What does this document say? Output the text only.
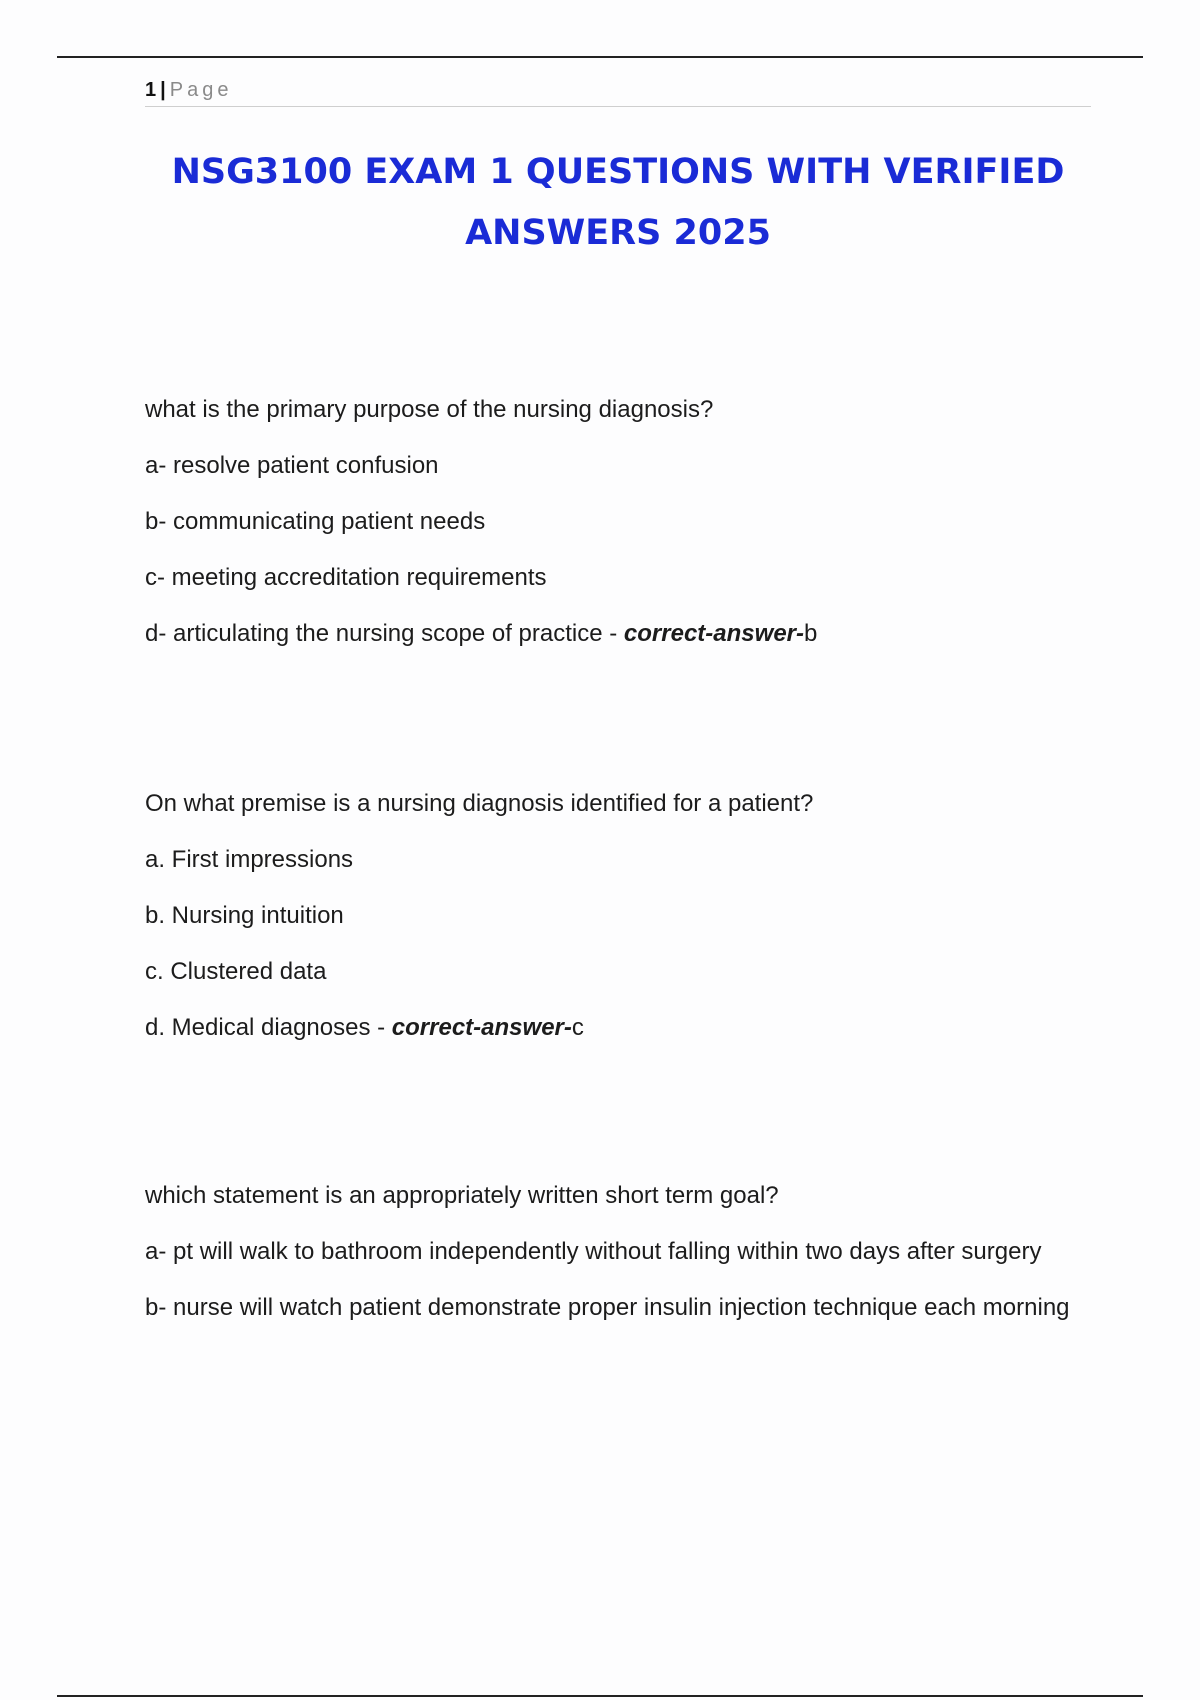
1 | Page
NSG3100 EXAM 1 QUESTIONS WITH VERIFIED ANSWERS 2025

what is the primary purpose of the nursing diagnosis?

a- resolve patient confusion

b- communicating patient needs

c- meeting accreditation requirements

d- articulating the nursing scope of practice - correct-answer-b

On what premise is a nursing diagnosis identified for a patient?

a. First impressions

b. Nursing intuition

c. Clustered data

d. Medical diagnoses - correct-answer-c

which statement is an appropriately written short term goal?

a- pt will walk to bathroom independently without falling within two days after surgery

b- nurse will watch patient demonstrate proper insulin injection technique each morning
